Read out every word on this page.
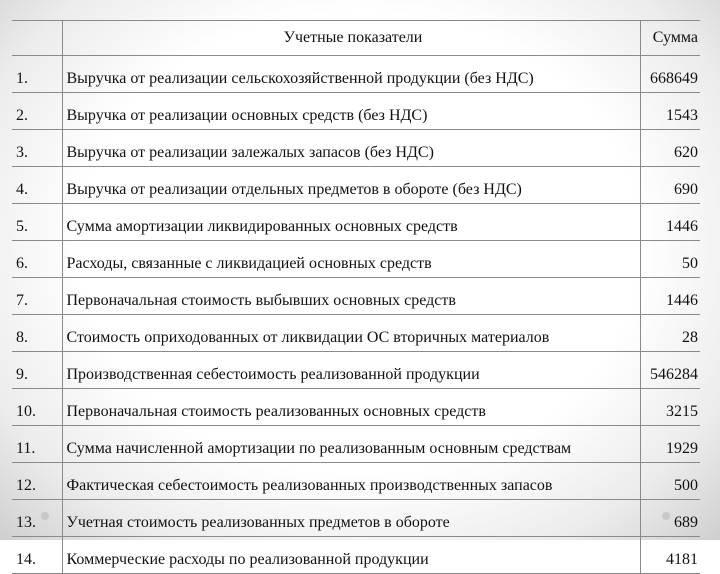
	Учетные показатели	Сумма
1.	Выручка от реализации сельскохозяйственной продукции (без НДС)	668649
2.	Выручка от реализации основных средств (без НДС)	1543
3.	Выручка от реализации залежалых запасов (без НДС)	620
4.	Выручка от реализации отдельных предметов в обороте (без НДС)	690
5.	Сумма амортизации ликвидированных основных средств	1446
6.	Расходы, связанные с ликвидацией основных средств	50
7.	Первоначальная стоимость выбывших основных средств	1446
8.	Стоимость оприходованных от ликвидации ОС вторичных материалов	28
9.	Производственная себестоимость реализованной продукции	546284
10.	Первоначальная стоимость реализованных основных средств	3215
11.	Сумма начисленной амортизации по реализованным основным средствам	1929
12.	Фактическая себестоимость реализованных производственных запасов	500
13.	Учетная стоимость реализованных предметов в обороте	689
14.	Коммерческие расходы по реализованной продукции	4181
